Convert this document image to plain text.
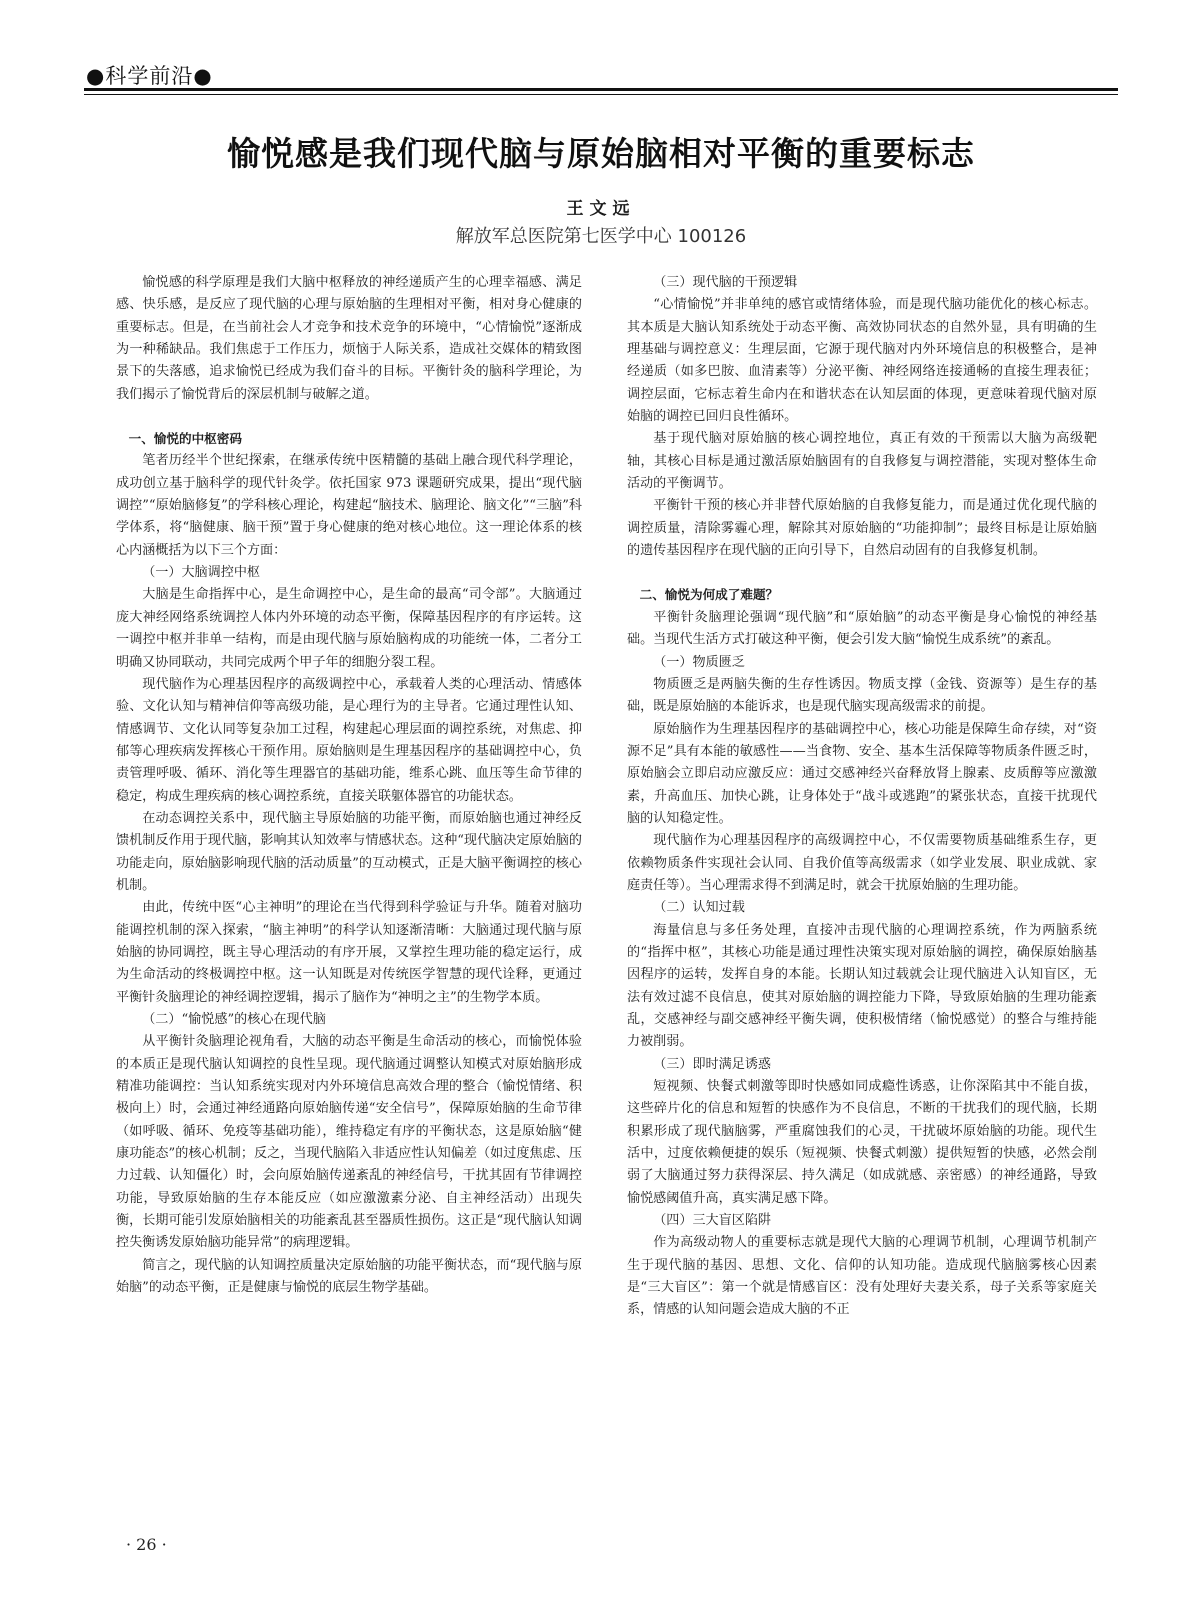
●科学前沿●
愉悦感是我们现代脑与原始脑相对平衡的重要标志
王文远
解放军总医院第七医学中心 100126

愉悦感的科学原理是我们大脑中枢释放的神经递质产生的心理幸福感、满足感、快乐感，是反应了现代脑的心理与原始脑的生理相对平衡，相对身心健康的重要标志。但是，在当前社会人才竞争和技术竞争的环境中，“心情愉悦”逐渐成为一种稀缺品。我们焦虑于工作压力，烦恼于人际关系，造成社交媒体的精致图景下的失落感，追求愉悦已经成为我们奋斗的目标。平衡针灸的脑科学理论，为我们揭示了愉悦背后的深层机制与破解之道。

一、愉悦的中枢密码

笔者历经半个世纪探索，在继承传统中医精髓的基础上融合现代科学理论，成功创立基于脑科学的现代针灸学。依托国家 973 课题研究成果，提出“现代脑调控”“原始脑修复”的学科核心理论，构建起“脑技术、脑理论、脑文化”“三脑”科学体系，将“脑健康、脑干预”置于身心健康的绝对核心地位。这一理论体系的核心内涵概括为以下三个方面：

（一）大脑调控中枢

大脑是生命指挥中心，是生命调控中心，是生命的最高“司令部”。大脑通过庞大神经网络系统调控人体内外环境的动态平衡，保障基因程序的有序运转。这一调控中枢并非单一结构，而是由现代脑与原始脑构成的功能统一体，二者分工明确又协同联动，共同完成两个甲子年的细胞分裂工程。

现代脑作为心理基因程序的高级调控中心，承载着人类的心理活动、情感体验、文化认知与精神信仰等高级功能，是心理行为的主导者。它通过理性认知、情感调节、文化认同等复杂加工过程，构建起心理层面的调控系统，对焦虑、抑郁等心理疾病发挥核心干预作用。原始脑则是生理基因程序的基础调控中心，负责管理呼吸、循环、消化等生理器官的基础功能，维系心跳、血压等生命节律的稳定，构成生理疾病的核心调控系统，直接关联躯体器官的功能状态。

在动态调控关系中，现代脑主导原始脑的功能平衡，而原始脑也通过神经反馈机制反作用于现代脑，影响其认知效率与情感状态。这种“现代脑决定原始脑的功能走向，原始脑影响现代脑的活动质量”的互动模式，正是大脑平衡调控的核心机制。

由此，传统中医“心主神明”的理论在当代得到科学验证与升华。随着对脑功能调控机制的深入探索，“脑主神明”的科学认知逐渐清晰：大脑通过现代脑与原始脑的协同调控，既主导心理活动的有序开展，又掌控生理功能的稳定运行，成为生命活动的终极调控中枢。这一认知既是对传统医学智慧的现代诠释，更通过平衡针灸脑理论的神经调控逻辑，揭示了脑作为“神明之主”的生物学本质。

（二）“愉悦感”的核心在现代脑

从平衡针灸脑理论视角看，大脑的动态平衡是生命活动的核心，而愉悦体验的本质正是现代脑认知调控的良性呈现。现代脑通过调整认知模式对原始脑形成精准功能调控：当认知系统实现对内外环境信息高效合理的整合（愉悦情绪、积极向上）时，会通过神经通路向原始脑传递“安全信号”，保障原始脑的生命节律（如呼吸、循环、免疫等基础功能），维持稳定有序的平衡状态，这是原始脑“健康功能态”的核心机制；反之，当现代脑陷入非适应性认知偏差（如过度焦虑、压力过载、认知僵化）时，会向原始脑传递紊乱的神经信号，干扰其固有节律调控功能，导致原始脑的生存本能反应（如应激激素分泌、自主神经活动）出现失衡，长期可能引发原始脑相关的功能紊乱甚至器质性损伤。这正是“现代脑认知调控失衡诱发原始脑功能异常”的病理逻辑。

简言之，现代脑的认知调控质量决定原始脑的功能平衡状态，而“现代脑与原始脑”的动态平衡，正是健康与愉悦的底层生物学基础。

（三）现代脑的干预逻辑

“心情愉悦”并非单纯的感官或情绪体验，而是现代脑功能优化的核心标志。其本质是大脑认知系统处于动态平衡、高效协同状态的自然外显，具有明确的生理基础与调控意义：生理层面，它源于现代脑对内外环境信息的积极整合，是神经递质（如多巴胺、血清素等）分泌平衡、神经网络连接通畅的直接生理表征；调控层面，它标志着生命内在和谐状态在认知层面的体现，更意味着现代脑对原始脑的调控已回归良性循环。

基于现代脑对原始脑的核心调控地位，真正有效的干预需以大脑为高级靶轴，其核心目标是通过激活原始脑固有的自我修复与调控潜能，实现对整体生命活动的平衡调节。

平衡针干预的核心并非替代原始脑的自我修复能力，而是通过优化现代脑的调控质量，清除雾霾心理，解除其对原始脑的“功能抑制”；最终目标是让原始脑的遗传基因程序在现代脑的正向引导下，自然启动固有的自我修复机制。

二、愉悦为何成了难题？

平衡针灸脑理论强调“现代脑”和“原始脑”的动态平衡是身心愉悦的神经基础。当现代生活方式打破这种平衡，便会引发大脑“愉悦生成系统”的紊乱。

（一）物质匮乏

物质匮乏是两脑失衡的生存性诱因。物质支撑（金钱、资源等）是生存的基础，既是原始脑的本能诉求，也是现代脑实现高级需求的前提。

原始脑作为生理基因程序的基础调控中心，核心功能是保障生命存续，对“资源不足”具有本能的敏感性——当食物、安全、基本生活保障等物质条件匮乏时，原始脑会立即启动应激反应：通过交感神经兴奋释放肾上腺素、皮质醇等应激激素，升高血压、加快心跳，让身体处于“战斗或逃跑”的紧张状态，直接干扰现代脑的认知稳定性。

现代脑作为心理基因程序的高级调控中心，不仅需要物质基础维系生存，更依赖物质条件实现社会认同、自我价值等高级需求（如学业发展、职业成就、家庭责任等）。当心理需求得不到满足时，就会干扰原始脑的生理功能。

（二）认知过载

海量信息与多任务处理，直接冲击现代脑的心理调控系统，作为两脑系统的“指挥中枢”，其核心功能是通过理性决策实现对原始脑的调控，确保原始脑基因程序的运转，发挥自身的本能。长期认知过载就会让现代脑进入认知盲区，无法有效过滤不良信息，使其对原始脑的调控能力下降，导致原始脑的生理功能紊乱，交感神经与副交感神经平衡失调，使积极情绪（愉悦感觉）的整合与维持能力被削弱。

（三）即时满足诱惑

短视频、快餐式刺激等即时快感如同成瘾性诱惑，让你深陷其中不能自拔，这些碎片化的信息和短暂的快感作为不良信息，不断的干扰我们的现代脑，长期积累形成了现代脑脑雾，严重腐蚀我们的心灵，干扰破坏原始脑的功能。现代生活中，过度依赖便捷的娱乐（短视频、快餐式刺激）提供短暂的快感，必然会削弱了大脑通过努力获得深层、持久满足（如成就感、亲密感）的神经通路，导致愉悦感阈值升高，真实满足感下降。

（四）三大盲区陷阱

作为高级动物人的重要标志就是现代大脑的心理调节机制，心理调节机制产生于现代脑的基因、思想、文化、信仰的认知功能。造成现代脑脑雾核心因素是“三大盲区”：第一个就是情感盲区：没有处理好夫妻关系，母子关系等家庭关系，情感的认知问题会造成大脑的不正

· 26 ·
